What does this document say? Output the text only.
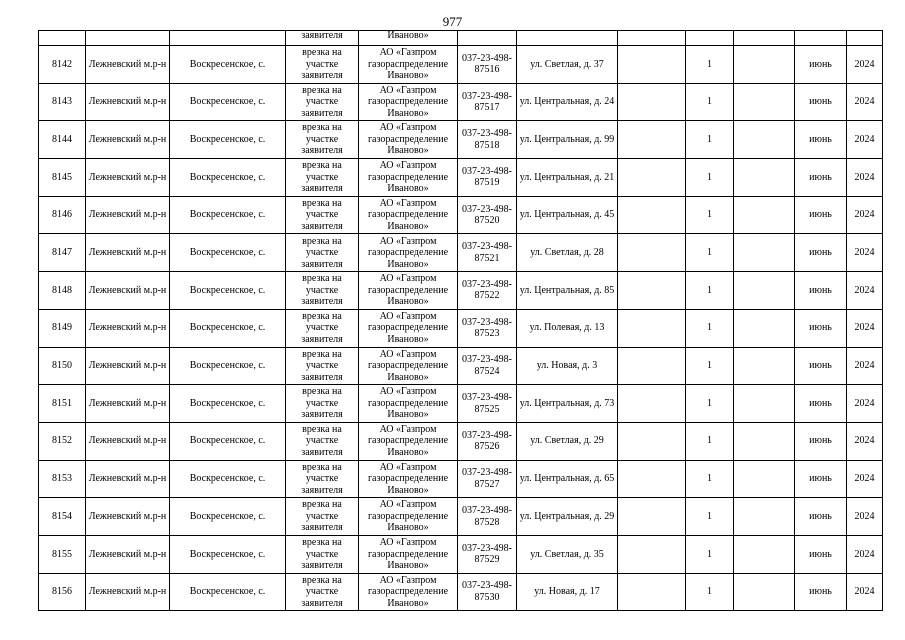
977

			заявителя	Иваново»							

8142	Лежневский м.р-н	Воскресенское, с.	врезка на участке заявителя	АО «Газпром газораспределение Иваново»	037-23-498-87516	ул. Светлая, д. 37		1		июнь	2024
8143	Лежневский м.р-н	Воскресенское, с.	врезка на участке заявителя	АО «Газпром газораспределение Иваново»	037-23-498-87517	ул. Центральная, д. 24		1		июнь	2024
8144	Лежневский м.р-н	Воскресенское, с.	врезка на участке заявителя	АО «Газпром газораспределение Иваново»	037-23-498-87518	ул. Центральная, д. 99		1		июнь	2024
8145	Лежневский м.р-н	Воскресенское, с.	врезка на участке заявителя	АО «Газпром газораспределение Иваново»	037-23-498-87519	ул. Центральная, д. 21		1		июнь	2024
8146	Лежневский м.р-н	Воскресенское, с.	врезка на участке заявителя	АО «Газпром газораспределение Иваново»	037-23-498-87520	ул. Центральная, д. 45		1		июнь	2024
8147	Лежневский м.р-н	Воскресенское, с.	врезка на участке заявителя	АО «Газпром газораспределение Иваново»	037-23-498-87521	ул. Светлая, д. 28		1		июнь	2024
8148	Лежневский м.р-н	Воскресенское, с.	врезка на участке заявителя	АО «Газпром газораспределение Иваново»	037-23-498-87522	ул. Центральная, д. 85		1		июнь	2024
8149	Лежневский м.р-н	Воскресенское, с.	врезка на участке заявителя	АО «Газпром газораспределение Иваново»	037-23-498-87523	ул. Полевая, д. 13		1		июнь	2024
8150	Лежневский м.р-н	Воскресенское, с.	врезка на участке заявителя	АО «Газпром газораспределение Иваново»	037-23-498-87524	ул. Новая, д. 3		1		июнь	2024
8151	Лежневский м.р-н	Воскресенское, с.	врезка на участке заявителя	АО «Газпром газораспределение Иваново»	037-23-498-87525	ул. Центральная, д. 73		1		июнь	2024
8152	Лежневский м.р-н	Воскресенское, с.	врезка на участке заявителя	АО «Газпром газораспределение Иваново»	037-23-498-87526	ул. Светлая, д. 29		1		июнь	2024
8153	Лежневский м.р-н	Воскресенское, с.	врезка на участке заявителя	АО «Газпром газораспределение Иваново»	037-23-498-87527	ул. Центральная, д. 65		1		июнь	2024
8154	Лежневский м.р-н	Воскресенское, с.	врезка на участке заявителя	АО «Газпром газораспределение Иваново»	037-23-498-87528	ул. Центральная, д. 29		1		июнь	2024
8155	Лежневский м.р-н	Воскресенское, с.	врезка на участке заявителя	АО «Газпром газораспределение Иваново»	037-23-498-87529	ул. Светлая, д. 35		1		июнь	2024
8156	Лежневский м.р-н	Воскресенское, с.	врезка на участке заявителя	АО «Газпром газораспределение Иваново»	037-23-498-87530	ул. Новая, д. 17		1		июнь	2024
